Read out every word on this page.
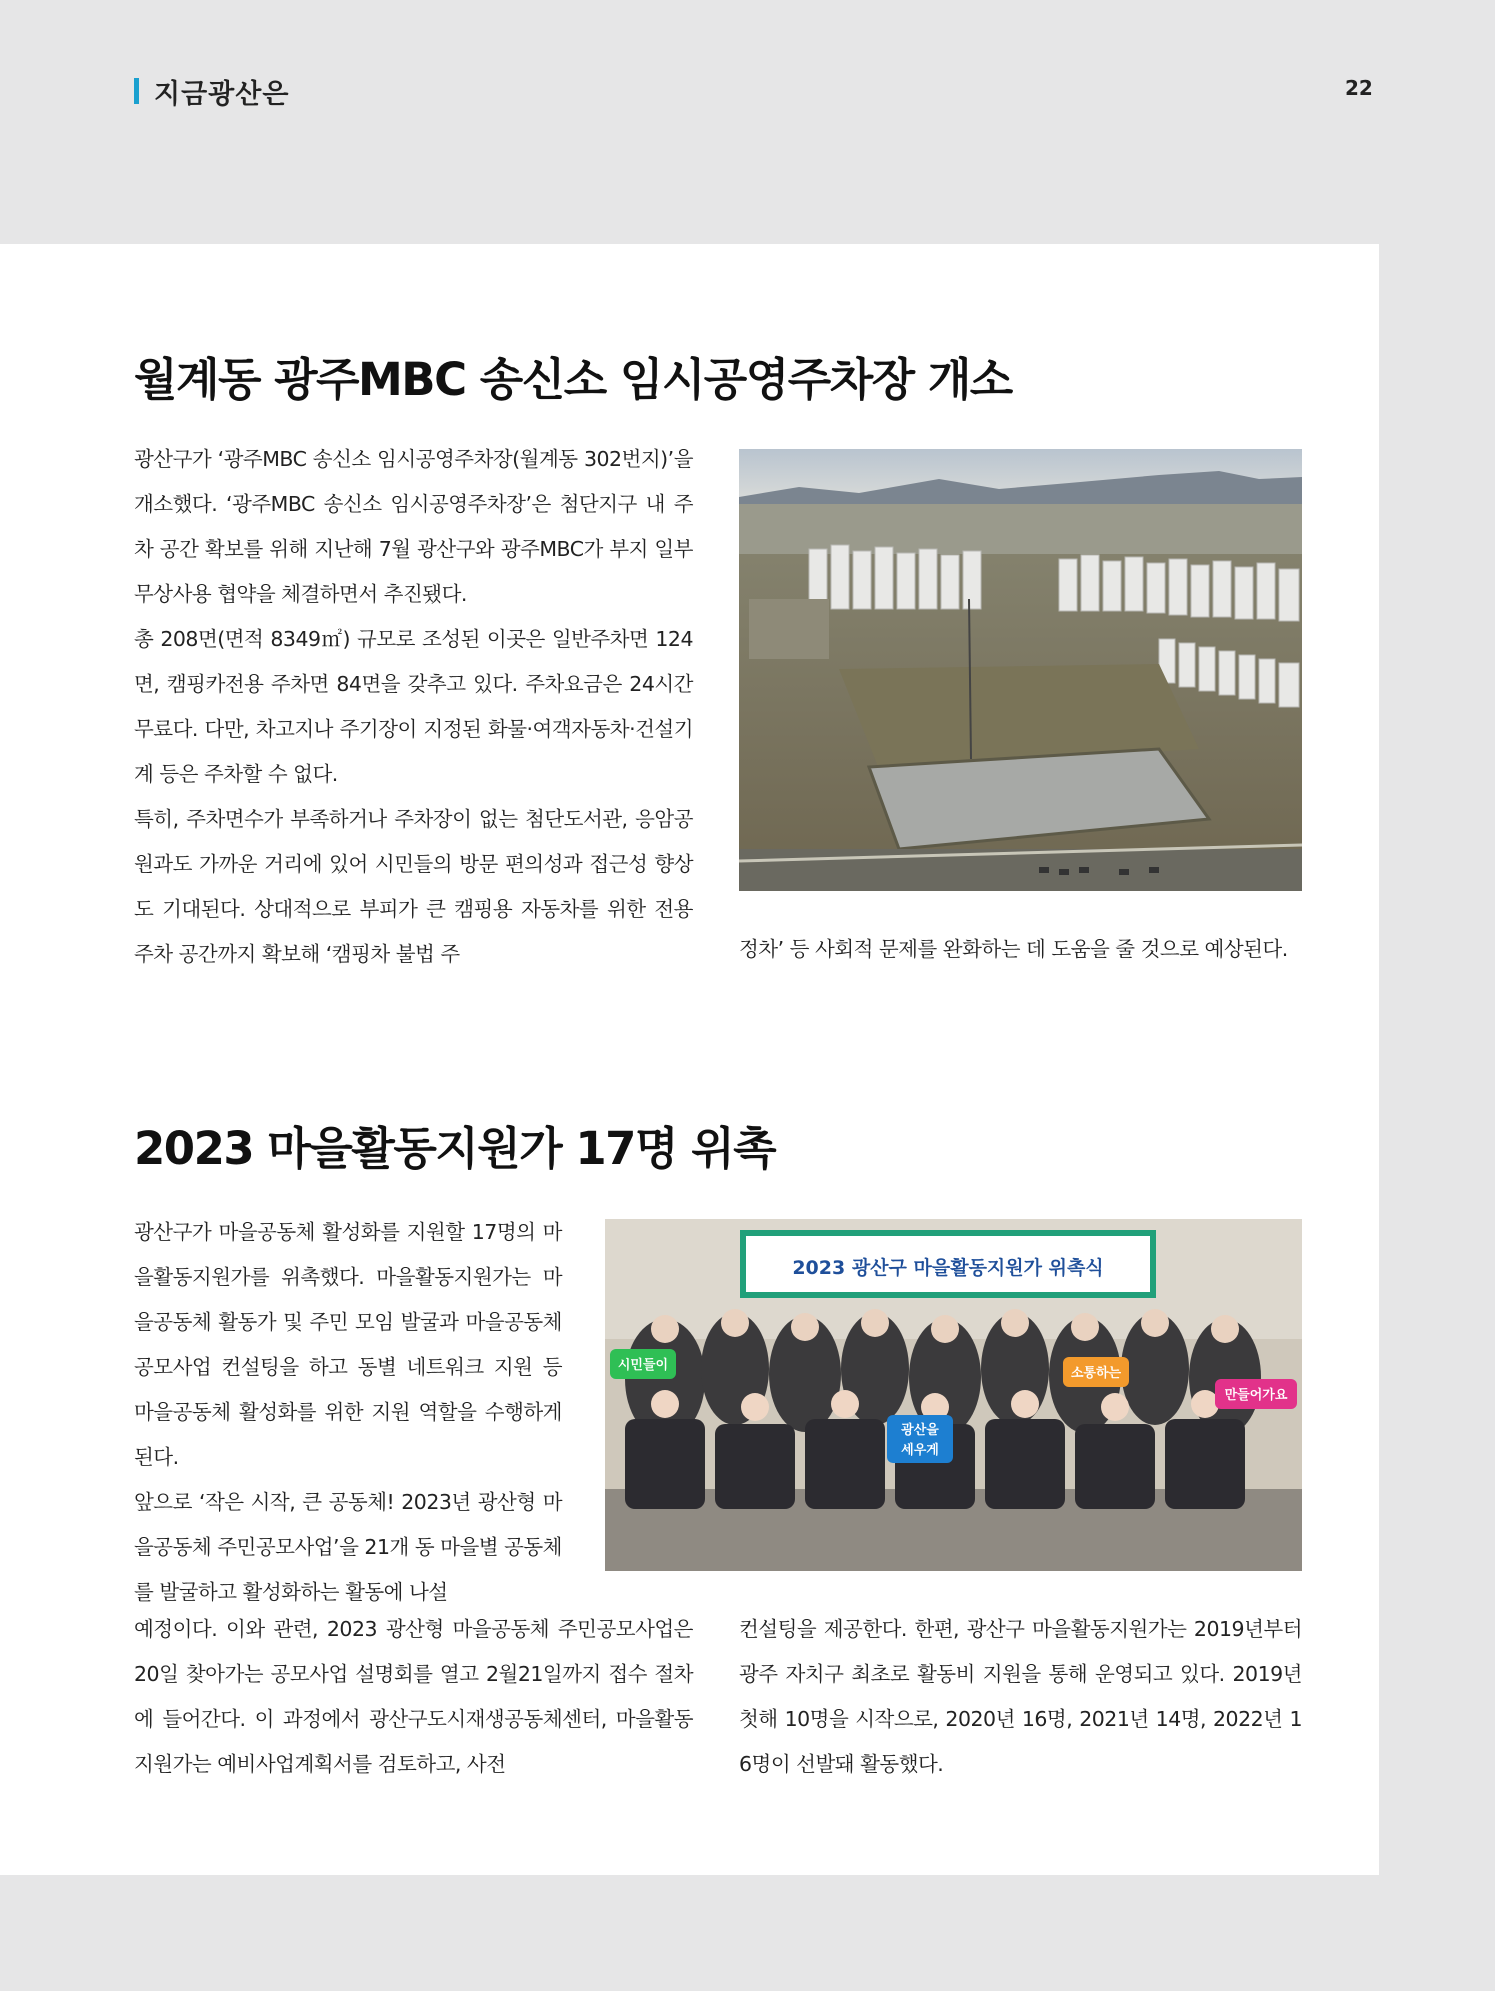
지금광산은	22
월계동 광주MBC 송신소 임시공영주차장 개소

광산구가 ‘광주MBC 송신소 임시공영주차장(월계동 302번지)’을 개소했다. ‘광주MBC 송신소 임시공영주차장’은 첨단지구 내 주차 공간 확보를 위해 지난해 7월 광산구와 광주MBC가 부지 일부 무상사용 협약을 체결하면서 추진됐다.

총 208면(면적 8349㎡) 규모로 조성된 이곳은 일반주차면 124면, 캠핑카전용 주차면 84면을 갖추고 있다. 주차요금은 24시간 무료다. 다만, 차고지나 주기장이 지정된 화물·여객자동차·건설기계 등은 주차할 수 없다.

특히, 주차면수가 부족하거나 주차장이 없는 첨단도서관, 응암공원과도 가까운 거리에 있어 시민들의 방문 편의성과 접근성 향상도 기대된다. 상대적으로 부피가 큰 캠핑용 자동차를 위한 전용 주차 공간까지 확보해 ‘캠핑차 불법 주	정차’ 등 사회적 문제를 완화하는 데 도움을 줄 것으로 예상된다.

2023 마을활동지원가 17명 위촉

광산구가 마을공동체 활성화를 지원할 17명의 마을활동지원가를 위촉했다. 마을활동지원가는 마을공동체 활동가 및 주민 모임 발굴과 마을공동체 공모사업 컨설팅을 하고 동별 네트워크 지원 등 마을공동체 활성화를 위한 지원 역할을 수행하게 된다.

앞으로 ‘작은 시작, 큰 공동체! 2023년 광산형 마을공동체 주민공모사업’을 21개 동 마을별 공동체를 발굴하고 활성화하는 활동에 나설

2023 광산구 마을활동지원가 위촉식
시민들이
소통하는
만들어가요
광산을
세우게

예정이다. 이와 관련, 2023 광산형 마을공동체 주민공모사업은 20일 찾아가는 공모사업 설명회를 열고 2월21일까지 접수 절차에 들어간다. 이 과정에서 광산구도시재생공동체센터, 마을활동지원가는 예비사업계획서를 검토하고, 사전

컨설팅을 제공한다. 한편, 광산구 마을활동지원가는 2019년부터 광주 자치구 최초로 활동비 지원을 통해 운영되고 있다. 2019년 첫해 10명을 시작으로, 2020년 16명, 2021년 14명, 2022년 16명이 선발돼 활동했다.
